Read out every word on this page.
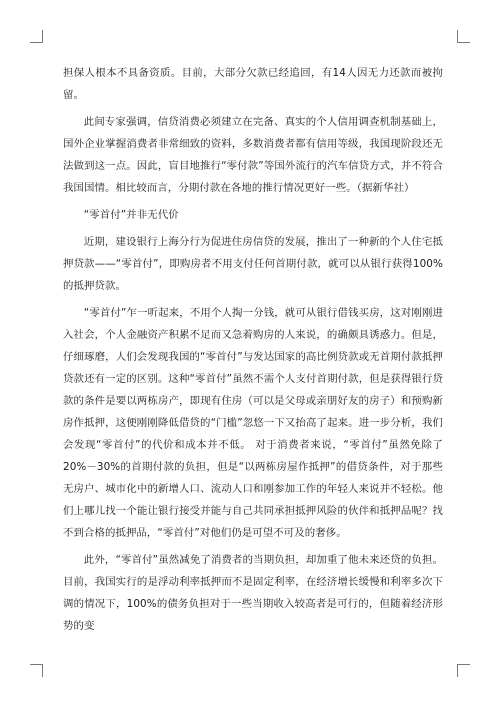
担保人根本不具备资质。目前，大部分欠款已经追回，有14人因无力还款而被拘留。

此间专家强调，信贷消费必须建立在完备、真实的个人信用调查机制基础上，国外企业掌握消费者非常细致的资料，多数消费者都有信用等级，我国现阶段还无法做到这一点。因此，盲目地推行“零付款”等国外流行的汽车信贷方式，并不符合我国国情。相比较而言，分期付款在各地的推行情况更好一些。（据新华社）

“零首付”并非无代价

近期，建设银行上海分行为促进住房信贷的发展，推出了一种新的个人住宅抵押贷款——“零首付”，即购房者不用支付任何首期付款，就可以从银行获得100%的抵押贷款。

“零首付”乍一听起来，不用个人掏一分钱，就可从银行借钱买房，这对刚刚进入社会，个人金融资产积累不足而又急着购房的人来说，的确颇具诱惑力。但是，仔细琢磨，人们会发现我国的“零首付”与发达国家的高比例贷款或无首期付款抵押贷款还有一定的区别。这种“零首付”虽然不需个人支付首期付款，但是获得银行贷款的条件是要以两栋房产，即现有住房（可以是父母或亲朋好友的房子）和预购新房作抵押，这便刚刚降低借贷的“门槛”忽悠一下又抬高了起来。进一步分析，我们会发现“零首付”的代价和成本并不低。 对于消费者来说，“零首付”虽然免除了20%－30%的首期付款的负担，但是“以两栋房屋作抵押”的借贷条件，对于那些无房户、城市化中的新增人口、流动人口和刚参加工作的年轻人来说并不轻松。他们上哪儿找一个能让银行接受并能与自己共同承担抵押风险的伙伴和抵押品呢？找不到合格的抵押品，“零首付”对他们仍是可望不可及的奢侈。

此外，“零首付”虽然减免了消费者的当期负担，却加重了他未来还贷的负担。目前，我国实行的是浮动利率抵押而不是固定利率，在经济增长缓慢和利率多次下调的情况下，100%的债务负担对于一些当期收入较高者是可行的，但随着经济形势的变
